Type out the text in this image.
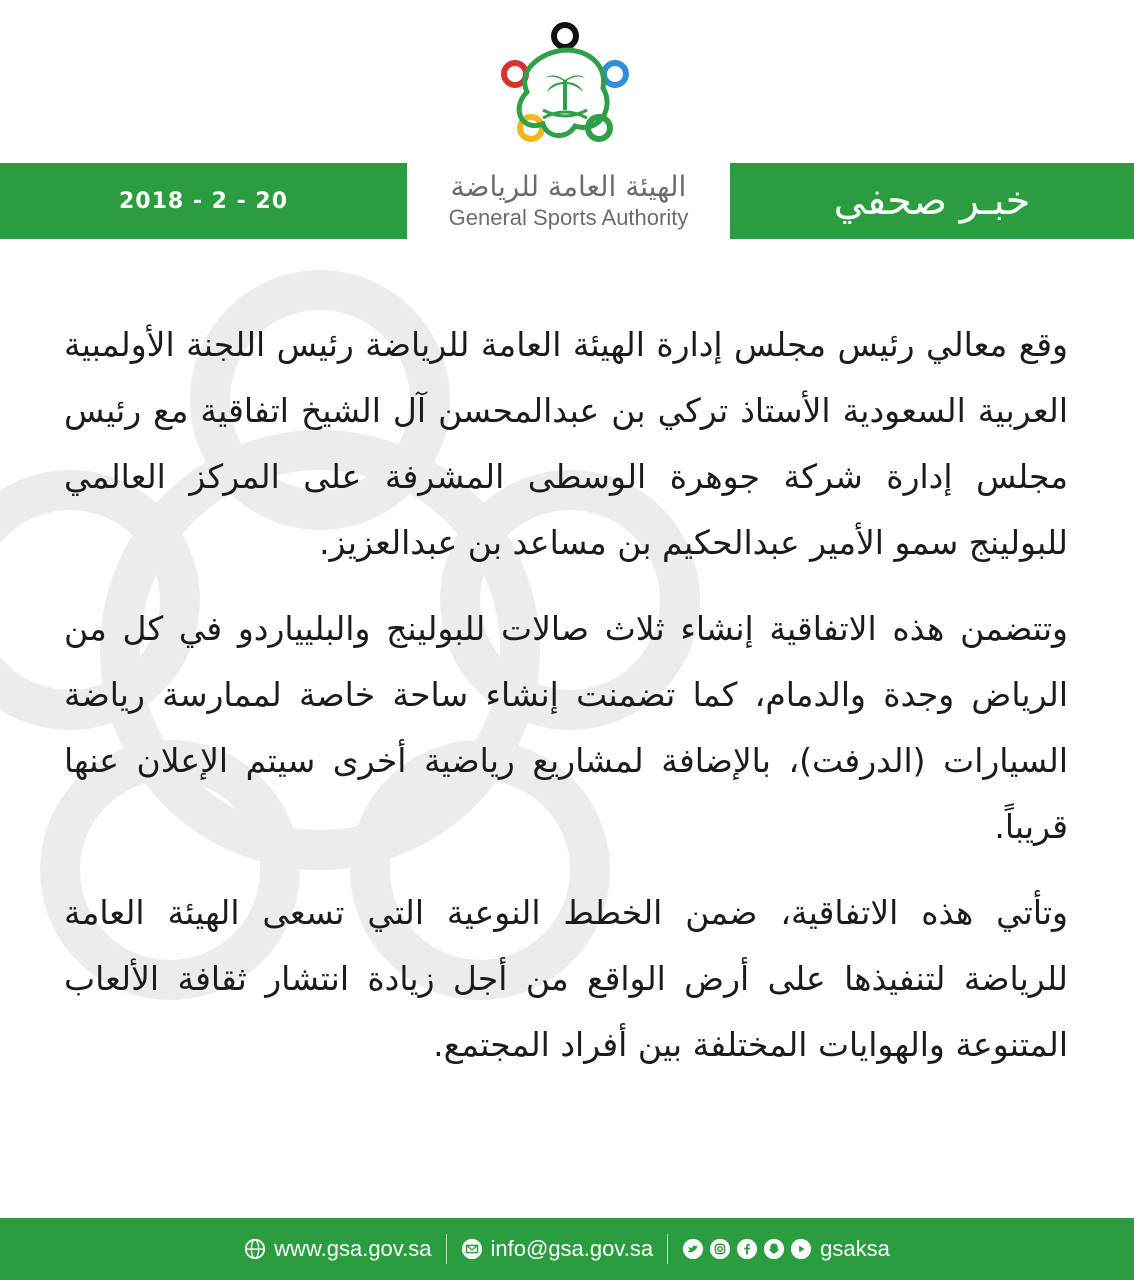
2018 - 2 - 20	الهيئة العامة للرياضة
General Sports Authority	خبـر صحفي

وقع معالي رئيس مجلس إدارة الهيئة العامة للرياضة رئيس اللجنة الأولمبية العربية السعودية الأستاذ تركي بن عبدالمحسن آل الشيخ اتفاقية مع رئيس مجلس إدارة شركة جوهرة الوسطى المشرفة على المركز العالمي للبولينج سمو الأمير عبدالحكيم بن مساعد بن عبدالعزيز.

وتتضمن هذه الاتفاقية إنشاء ثلاث صالات للبولينج والبليياردو في كل من الرياض وجدة والدمام، كما تضمنت إنشاء ساحة خاصة لممارسة رياضة السيارات (الدرفت)، بالإضافة لمشاريع رياضية أخرى سيتم الإعلان عنها قريباً.

وتأتي هذه الاتفاقية، ضمن الخطط النوعية التي تسعى الهيئة العامة للرياضة لتنفيذها على أرض الواقع من أجل زيادة انتشار ثقافة الألعاب المتنوعة والهوايات المختلفة بين أفراد المجتمع.

www.gsa.gov.sa	info@gsa.gov.sa	gsaksa
